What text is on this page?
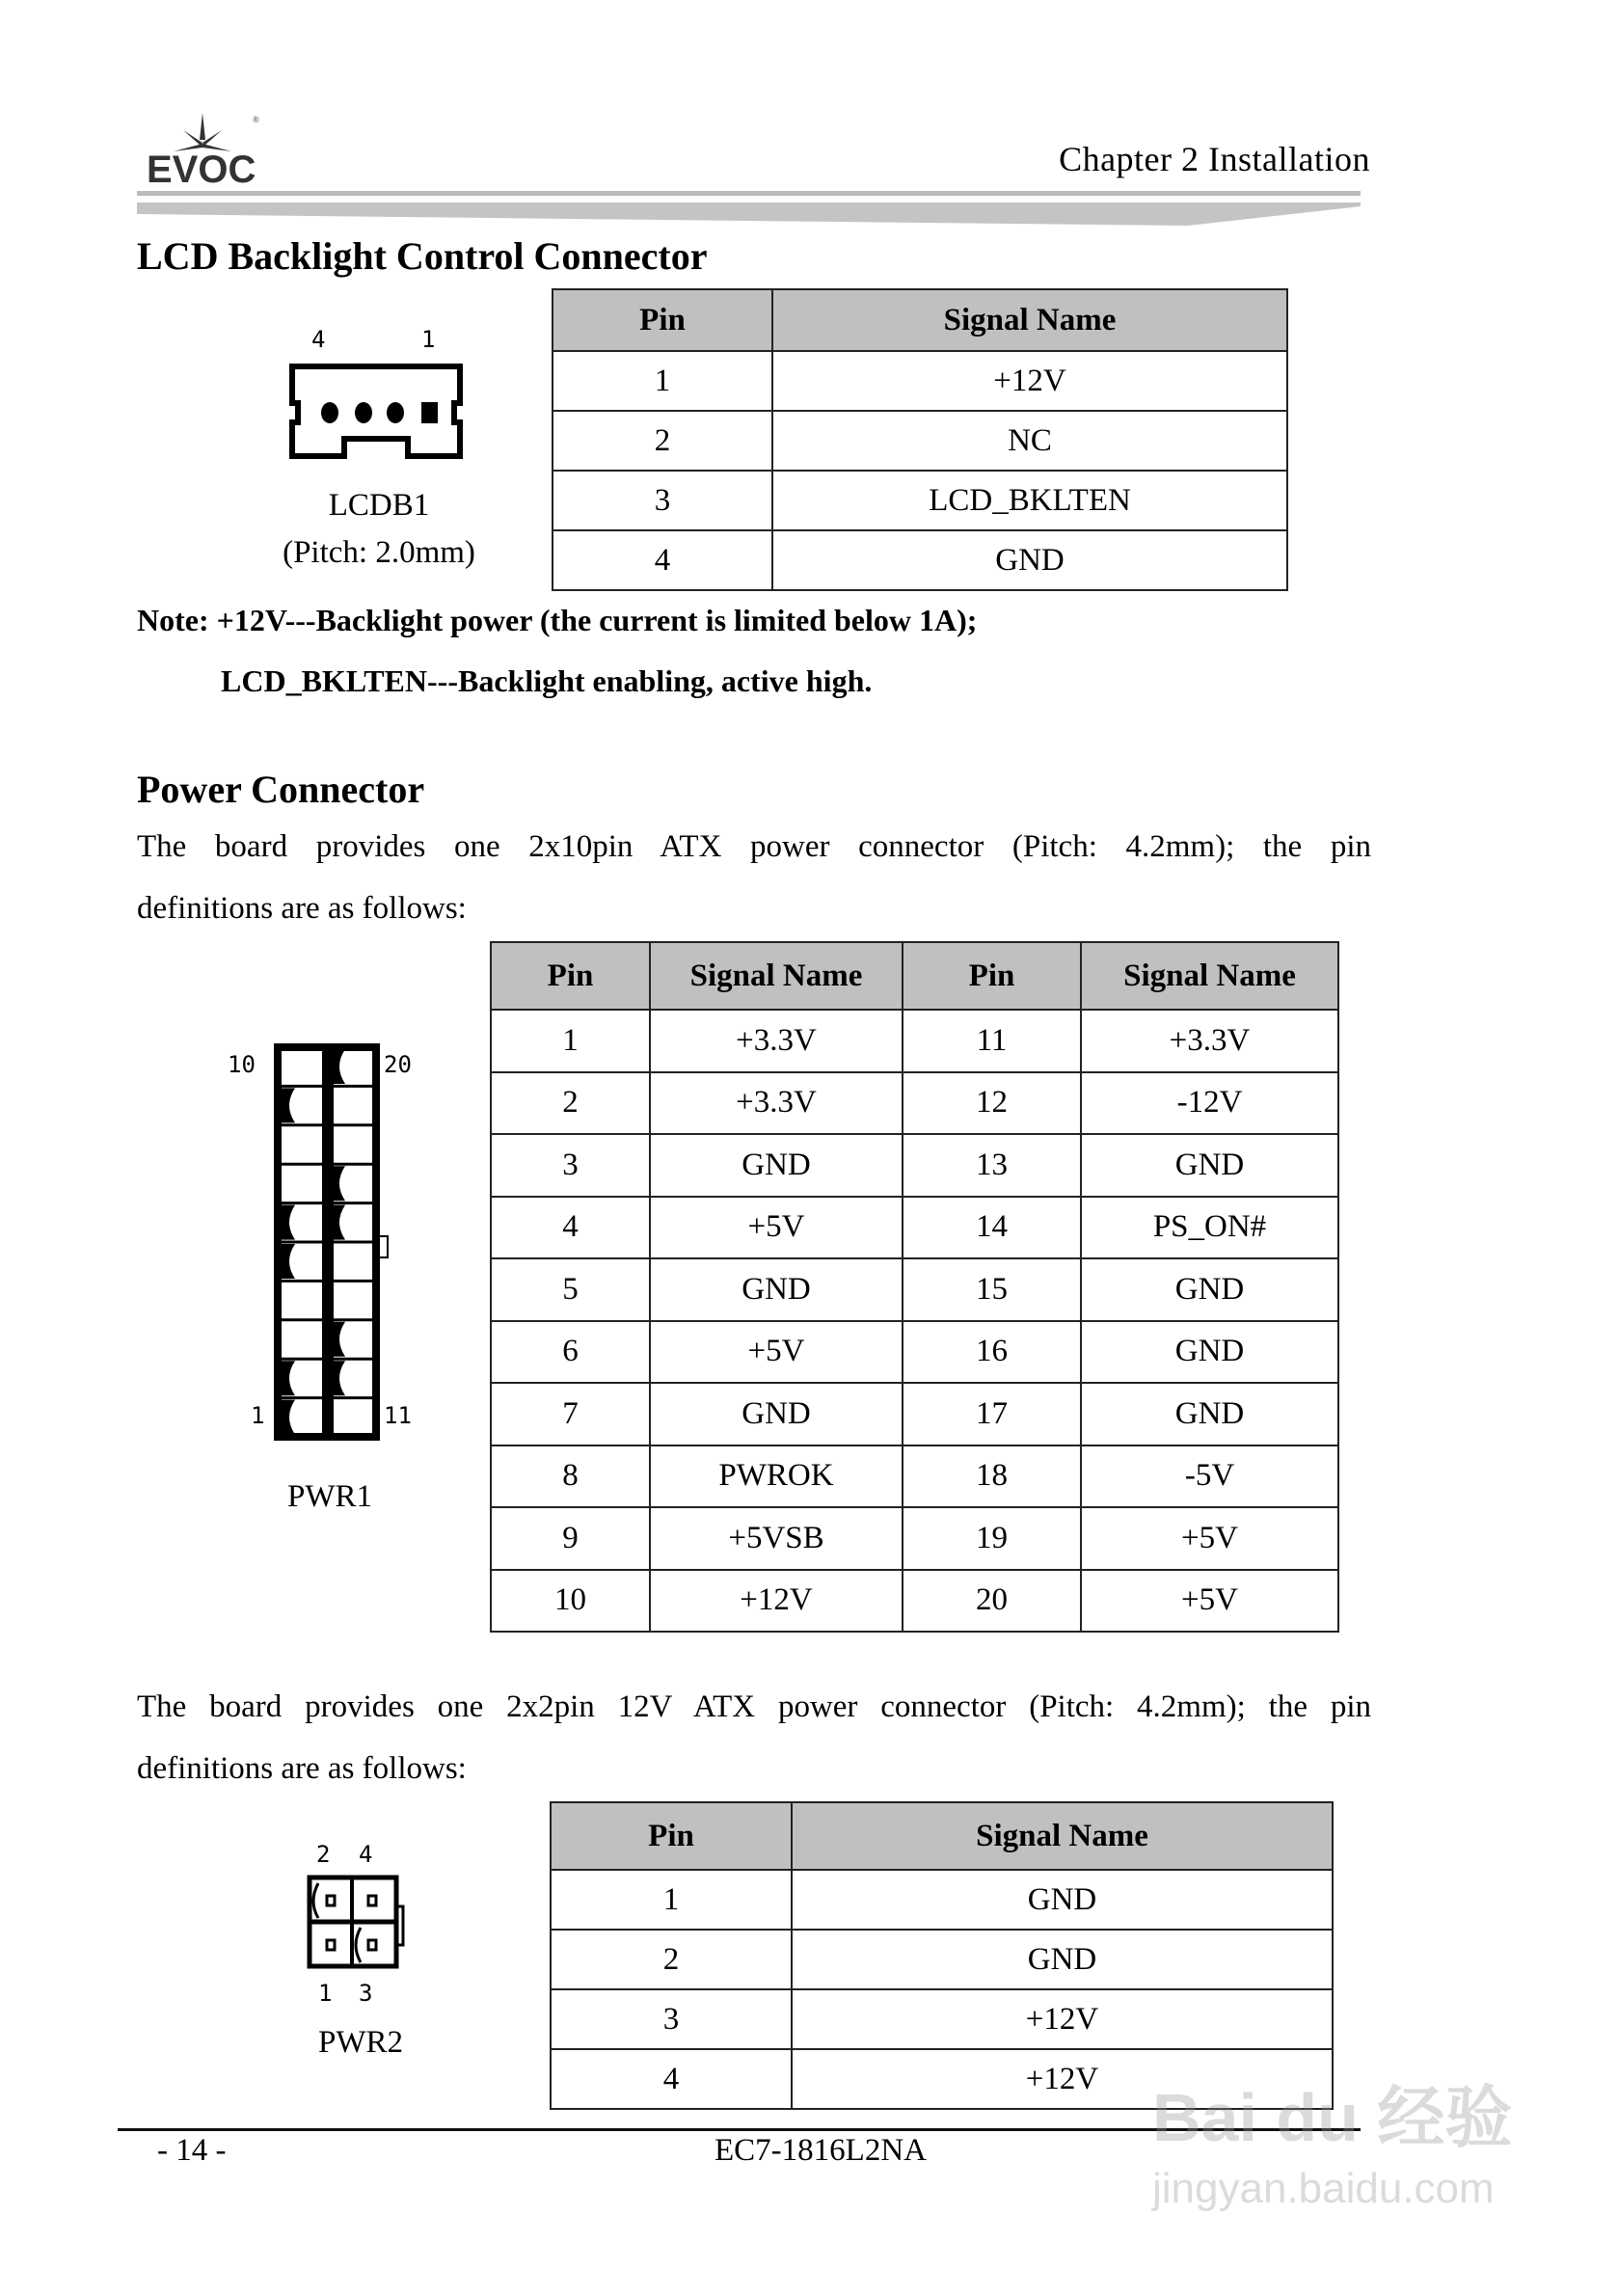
EVOC
®
Chapter 2 Installation
LCD Backlight Control Connector
4	1
LCDB1
(Pitch: 2.0mm)
Pin	Signal Name
1	+12V
2	NC
3	LCD_BKLTEN
4	GND
Note: +12V---Backlight power (the current is limited below 1A);
LCD_BKLTEN---Backlight enabling, active high.
Power Connector
The board provides one 2x10pin ATX power connector (Pitch: 4.2mm); the pin
definitions are as follows:
10	20
1	11
PWR1
Pin	Signal Name	Pin	Signal Name
1	+3.3V	11	+3.3V
2	+3.3V	12	-12V
3	GND	13	GND
4	+5V	14	PS_ON#
5	GND	15	GND
6	+5V	16	GND
7	GND	17	GND
8	PWROK	18	-5V
9	+5VSB	19	+5V
10	+12V	20	+5V
The board provides one 2x2pin 12V ATX power connector (Pitch: 4.2mm); the pin
definitions are as follows:
2 4
1 3
PWR2
Pin	Signal Name
1	GND
2	GND
3	+12V
4	+12V
- 14 -	EC7-1816L2NA	Bai du 经验
jingyan.baidu.com
